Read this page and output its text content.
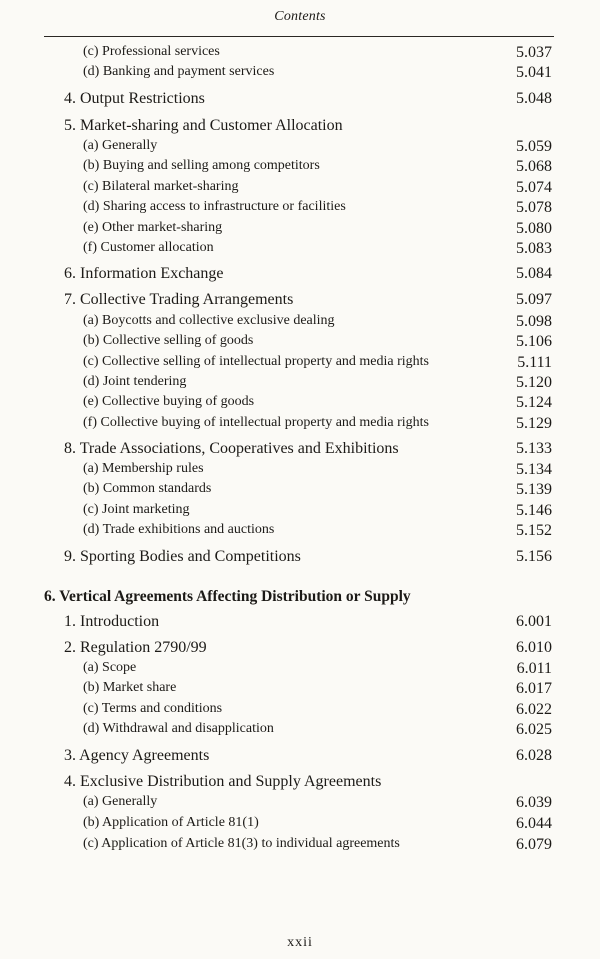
Contents
(c) Professional services	5.037
(d) Banking and payment services	5.041
4. Output Restrictions	5.048
5. Market-sharing and Customer Allocation
(a) Generally	5.059
(b) Buying and selling among competitors	5.068
(c) Bilateral market-sharing	5.074
(d) Sharing access to infrastructure or facilities	5.078
(e) Other market-sharing	5.080
(f) Customer allocation	5.083
6. Information Exchange	5.084
7. Collective Trading Arrangements	5.097
(a) Boycotts and collective exclusive dealing	5.098
(b) Collective selling of goods	5.106
(c) Collective selling of intellectual property and media rights	5.111
(d) Joint tendering	5.120
(e) Collective buying of goods	5.124
(f) Collective buying of intellectual property and media rights	5.129
8. Trade Associations, Cooperatives and Exhibitions	5.133
(a) Membership rules	5.134
(b) Common standards	5.139
(c) Joint marketing	5.146
(d) Trade exhibitions and auctions	5.152
9. Sporting Bodies and Competitions	5.156
6. Vertical Agreements Affecting Distribution or Supply
1. Introduction	6.001
2. Regulation 2790/99	6.010
(a) Scope	6.011
(b) Market share	6.017
(c) Terms and conditions	6.022
(d) Withdrawal and disapplication	6.025
3. Agency Agreements	6.028
4. Exclusive Distribution and Supply Agreements
(a) Generally	6.039
(b) Application of Article 81(1)	6.044
(c) Application of Article 81(3) to individual agreements	6.079
xxii
